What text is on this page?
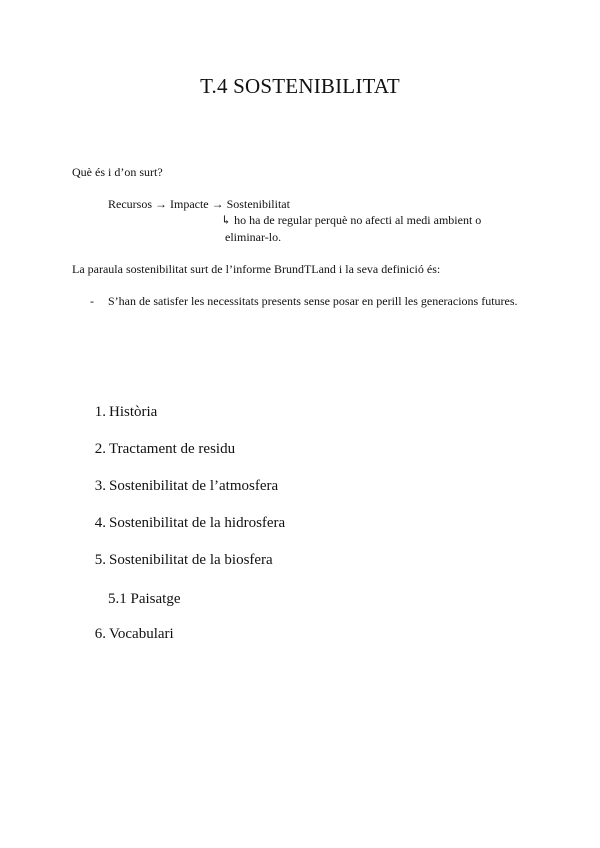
T.4 SOSTENIBILITAT
Què és i d’on surt?
Recursos → Impacte → Sostenibilitat
↳ ho ha de regular perquè no afecti al medi ambient o
eliminar-lo.
La paraula sostenibilitat surt de l’informe BrundTLand i la seva definició és:
- S’han de satisfer les necessitats presents sense posar en perill les generacions futures.
1. Història
2. Tractament de residu
3. Sostenibilitat de l’atmosfera
4. Sostenibilitat de la hidrosfera
5. Sostenibilitat de la biosfera
6. Vocabulari
5.1 Paisatge
